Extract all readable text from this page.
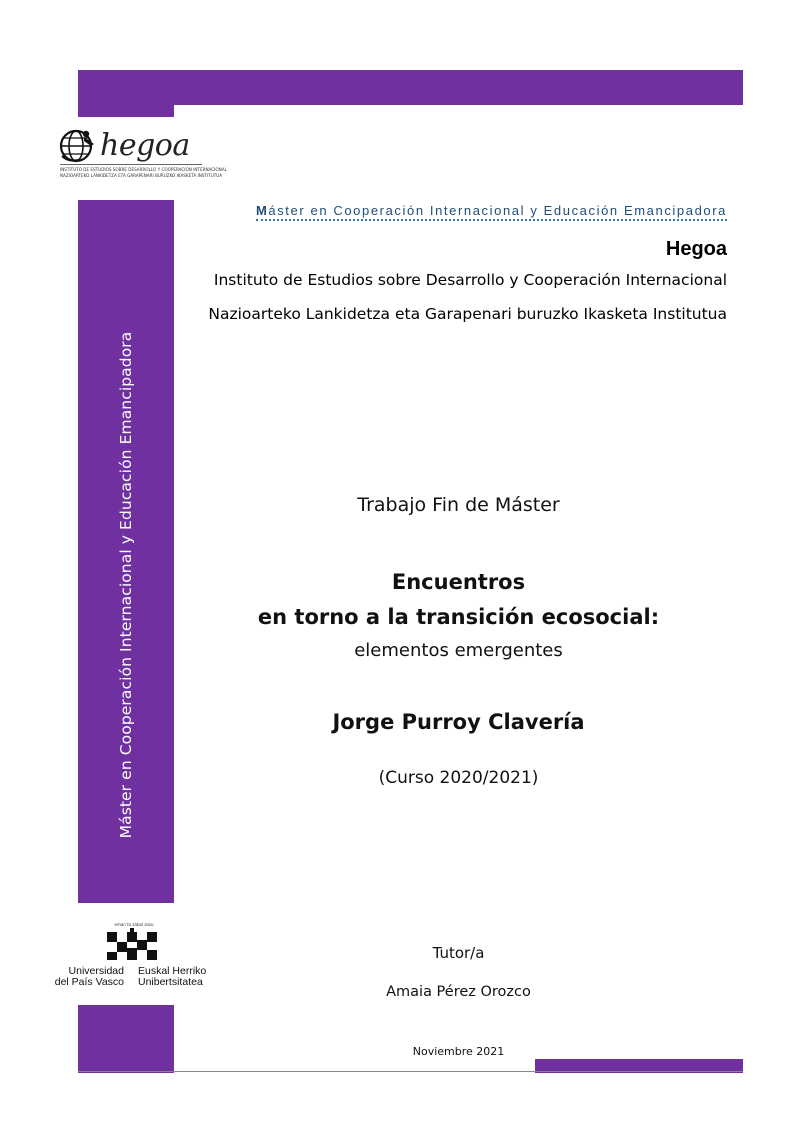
Máster en Cooperación Internacional y Educación Emancipadora
hegoa
INSTITUTO DE ESTUDIOS SOBRE DESARROLLO Y COOPERACIÓN INTERNACIONAL
NAZIOARTEKO LANKIDETZA ETA GARAPENARI BURUZKO IKASKETA INSTITUTUA
Máster en Cooperación Internacional y Educación Emancipadora
Hegoa
Instituto de Estudios sobre Desarrollo y Cooperación Internacional
Nazioarteko Lankidetza eta Garapenari buruzko Ikasketa Institutua
Trabajo Fin de Máster
Encuentros
en torno a la transición ecosocial:
elementos emergentes
Jorge Purroy Clavería
(Curso 2020/2021)
Tutor/a
Amaia Pérez Orozco
Noviembre 2021
eman ta zabal zazu
Universidad
del País Vasco
Euskal Herriko
Unibertsitatea
